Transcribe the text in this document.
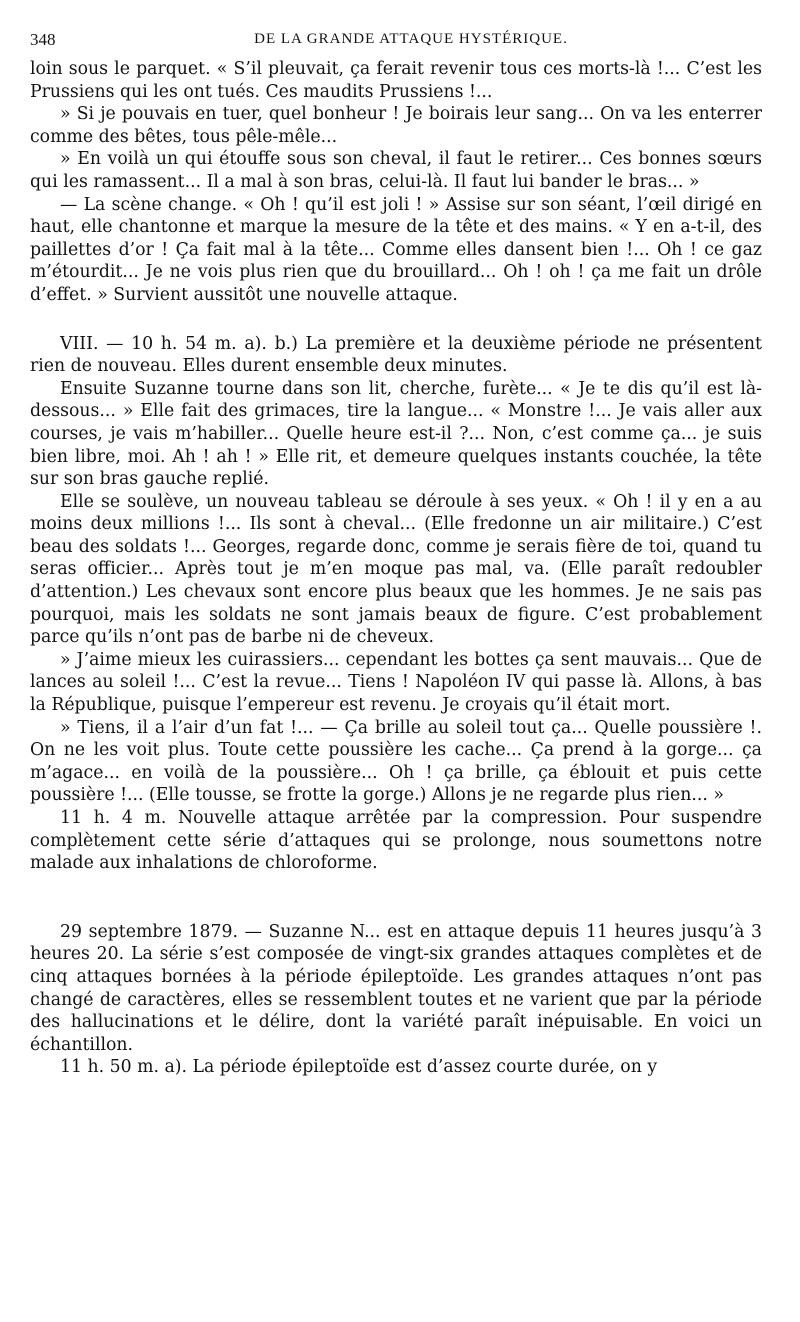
348	DE LA GRANDE ATTAQUE HYSTÉRIQUE.

loin sous le parquet. « S’il pleuvait, ça ferait revenir tous ces morts-là !... C’est les Prussiens qui les ont tués. Ces maudits Prussiens !...

» Si je pouvais en tuer, quel bonheur ! Je boirais leur sang... On va les enterrer comme des bêtes, tous pêle-mêle...

» En voilà un qui étouffe sous son cheval, il faut le retirer... Ces bonnes sœurs qui les ramassent... Il a mal à son bras, celui-là. Il faut lui bander le bras... »

— La scène change. « Oh ! qu’il est joli ! » Assise sur son séant, l’œil dirigé en haut, elle chantonne et marque la mesure de la tête et des mains. « Y en a-t-il, des paillettes d’or ! Ça fait mal à la tête... Comme elles dansent bien !... Oh ! ce gaz m’étourdit... Je ne vois plus rien que du brouillard... Oh ! oh ! ça me fait un drôle d’effet. » Survient aussitôt une nouvelle attaque.

VIII. — 10 h. 54 m. a). b.) La première et la deuxième période ne présentent rien de nouveau. Elles durent ensemble deux minutes.

Ensuite Suzanne tourne dans son lit, cherche, furète... « Je te dis qu’il est là-dessous... » Elle fait des grimaces, tire la langue... « Monstre !... Je vais aller aux courses, je vais m’habiller... Quelle heure est-il ?... Non, c’est comme ça... je suis bien libre, moi. Ah ! ah ! » Elle rit, et demeure quelques instants couchée, la tête sur son bras gauche replié.

Elle se soulève, un nouveau tableau se déroule à ses yeux. « Oh ! il y en a au moins deux millions !... Ils sont à cheval... (Elle fredonne un air militaire.) C’est beau des soldats !... Georges, regarde donc, comme je serais fière de toi, quand tu seras officier... Après tout je m’en moque pas mal, va. (Elle paraît redoubler d’attention.) Les chevaux sont encore plus beaux que les hommes. Je ne sais pas pourquoi, mais les soldats ne sont jamais beaux de figure. C’est probablement parce qu’ils n’ont pas de barbe ni de cheveux.

» J’aime mieux les cuirassiers... cependant les bottes ça sent mauvais... Que de lances au soleil !... C’est la revue... Tiens ! Napoléon IV qui passe là. Allons, à bas la République, puisque l’empereur est revenu. Je croyais qu’il était mort.

» Tiens, il a l’air d’un fat !... — Ça brille au soleil tout ça... Quelle poussière !. On ne les voit plus. Toute cette poussière les cache... Ça prend à la gorge... ça m’agace... en voilà de la poussière... Oh ! ça brille, ça éblouit et puis cette poussière !... (Elle tousse, se frotte la gorge.) Allons je ne regarde plus rien... »

11 h. 4 m. Nouvelle attaque arrêtée par la compression. Pour suspendre complètement cette série d’attaques qui se prolonge, nous soumettons notre malade aux inhalations de chloroforme.

29 septembre 1879. — Suzanne N... est en attaque depuis 11 heures jusqu’à 3 heures 20. La série s’est composée de vingt-six grandes attaques complètes et de cinq attaques bornées à la période épileptoïde. Les grandes attaques n’ont pas changé de caractères, elles se ressemblent toutes et ne varient que par la période des hallucinations et le délire, dont la variété paraît inépuisable. En voici un échantillon.

11 h. 50 m. a). La période épileptoïde est d’assez courte durée, on y
